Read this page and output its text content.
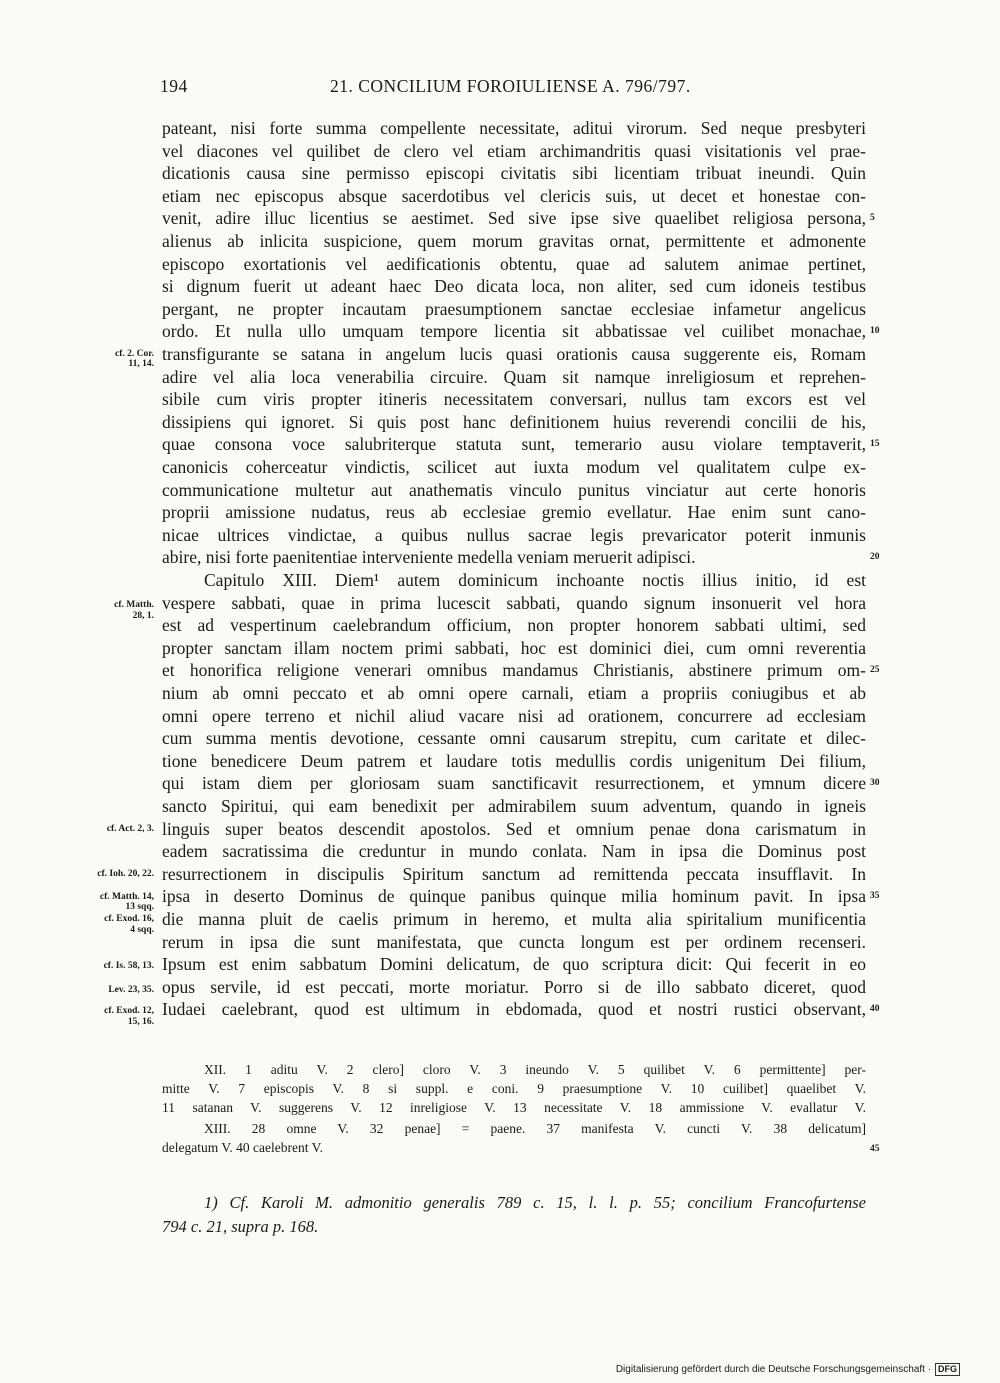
194	21. CONCILIUM FOROIULIENSE A. 796/797.
pateant, nisi forte summa compellente necessitate, aditui virorum. Sed neque presbyteri
vel diacones vel quilibet de clero vel etiam archimandritis quasi visitationis vel prae-
dicationis causa sine permisso episcopi civitatis sibi licentiam tribuat ineundi. Quin
etiam nec episcopus absque sacerdotibus vel clericis suis, ut decet et honestae con-
venit, adire illuc licentius se aestimet. Sed sive ipse sive quaelibet religiosa persona,
alienus ab inlicita suspicione, quem morum gravitas ornat, permittente et admonente
episcopo exortationis vel aedificationis obtentu, quae ad salutem animae pertinet,
si dignum fuerit ut adeant haec Deo dicata loca, non aliter, sed cum idoneis testibus
pergant, ne propter incautam praesumptionem sanctae ecclesiae infametur angelicus
ordo. Et nulla ullo umquam tempore licentia sit abbatissae vel cuilibet monachae,
transfigurante se satana in angelum lucis quasi orationis causa suggerente eis, Romam
adire vel alia loca venerabilia circuire. Quam sit namque inreligiosum et reprehen-
sibile cum viris propter itineris necessitatem conversari, nullus tam excors est vel
dissipiens qui ignoret. Si quis post hanc definitionem huius reverendi concilii de his,
quae consona voce salubriterque statuta sunt, temerario ausu violare temptaverit,
canonicis coherceatur vindictis, scilicet aut iuxta modum vel qualitatem culpe ex-
communicatione multetur aut anathematis vinculo punitus vinciatur aut certe honoris
proprii amissione nudatus, reus ab ecclesiae gremio evellatur. Hae enim sunt cano-
nicae ultrices vindictae, a quibus nullus sacrae legis prevaricator poterit inmunis
abire, nisi forte paenitentiae interveniente medella veniam meruerit adipisci.
Capitulo XIII. Diem¹ autem dominicum inchoante noctis illius initio, id est
vespere sabbati, quae in prima lucescit sabbati, quando signum insonuerit vel hora
est ad vespertinum caelebrandum officium, non propter honorem sabbati ultimi, sed
propter sanctam illam noctem primi sabbati, hoc est dominici diei, cum omni reverentia
et honorifica religione venerari omnibus mandamus Christianis, abstinere primum om-
nium ab omni peccato et ab omni opere carnali, etiam a propriis coniugibus et ab
omni opere terreno et nichil aliud vacare nisi ad orationem, concurrere ad ecclesiam
cum summa mentis devotione, cessante omni causarum strepitu, cum caritate et dilec-
tione benedicere Deum patrem et laudare totis medullis cordis unigenitum Dei filium,
qui istam diem per gloriosam suam sanctificavit resurrectionem, et ymnum dicere
sancto Spiritui, qui eam benedixit per admirabilem suum adventum, quando in igneis
linguis super beatos descendit apostolos. Sed et omnium penae dona carismatum in
eadem sacratissima die creduntur in mundo conlata. Nam in ipsa die Dominus post
resurrectionem in discipulis Spiritum sanctum ad remittenda peccata insufflavit. In
ipsa in deserto Dominus de quinque panibus quinque milia hominum pavit. In ipsa
die manna pluit de caelis primum in heremo, et multa alia spiritalium munificentia
rerum in ipsa die sunt manifestata, que cuncta longum est per ordinem recenseri.
Ipsum est enim sabbatum Domini delicatum, de quo scriptura dicit: Qui fecerit in eo
opus servile, id est peccati, morte moriatur. Porro si de illo sabbato diceret, quod
Iudaei caelebrant, quod est ultimum in ebdomada, quod et nostri rustici observant,
5
10
15
20
25
30
35
40
45
cf. 2. Cor.
11, 14.
cf. Matth.
28, 1.
cf. Act. 2, 3.
cf. Ioh. 20, 22.
cf. Matth. 14,
13 sqq.
cf. Exod. 16,
4 sqq.
cf. Is. 58, 13.
Lev. 23, 35.
cf. Exod. 12,
15, 16.
XII. 1 aditu V. 2 clero] cloro V. 3 ineundo V. 5 quilibet V. 6 permittente] per-
mitte V. 7 episcopis V. 8 si suppl. e coni. 9 praesumptione V. 10 cuilibet] quaelibet V.
11 satanan V. suggerens V. 12 inreligiose V. 13 necessitate V. 18 ammissione V. evallatur V.
XIII. 28 omne V. 32 penae] = paene. 37 manifesta V. cuncti V. 38 delicatum]
delegatum V. 40 caelebrent V.
1) Cf. Karoli M. admonitio generalis 789 c. 15, l. l. p. 55; concilium Francofurtense
794 c. 21, supra p. 168.
Digitalisierung gefördert durch die Deutsche Forschungsgemeinschaft · DFG
